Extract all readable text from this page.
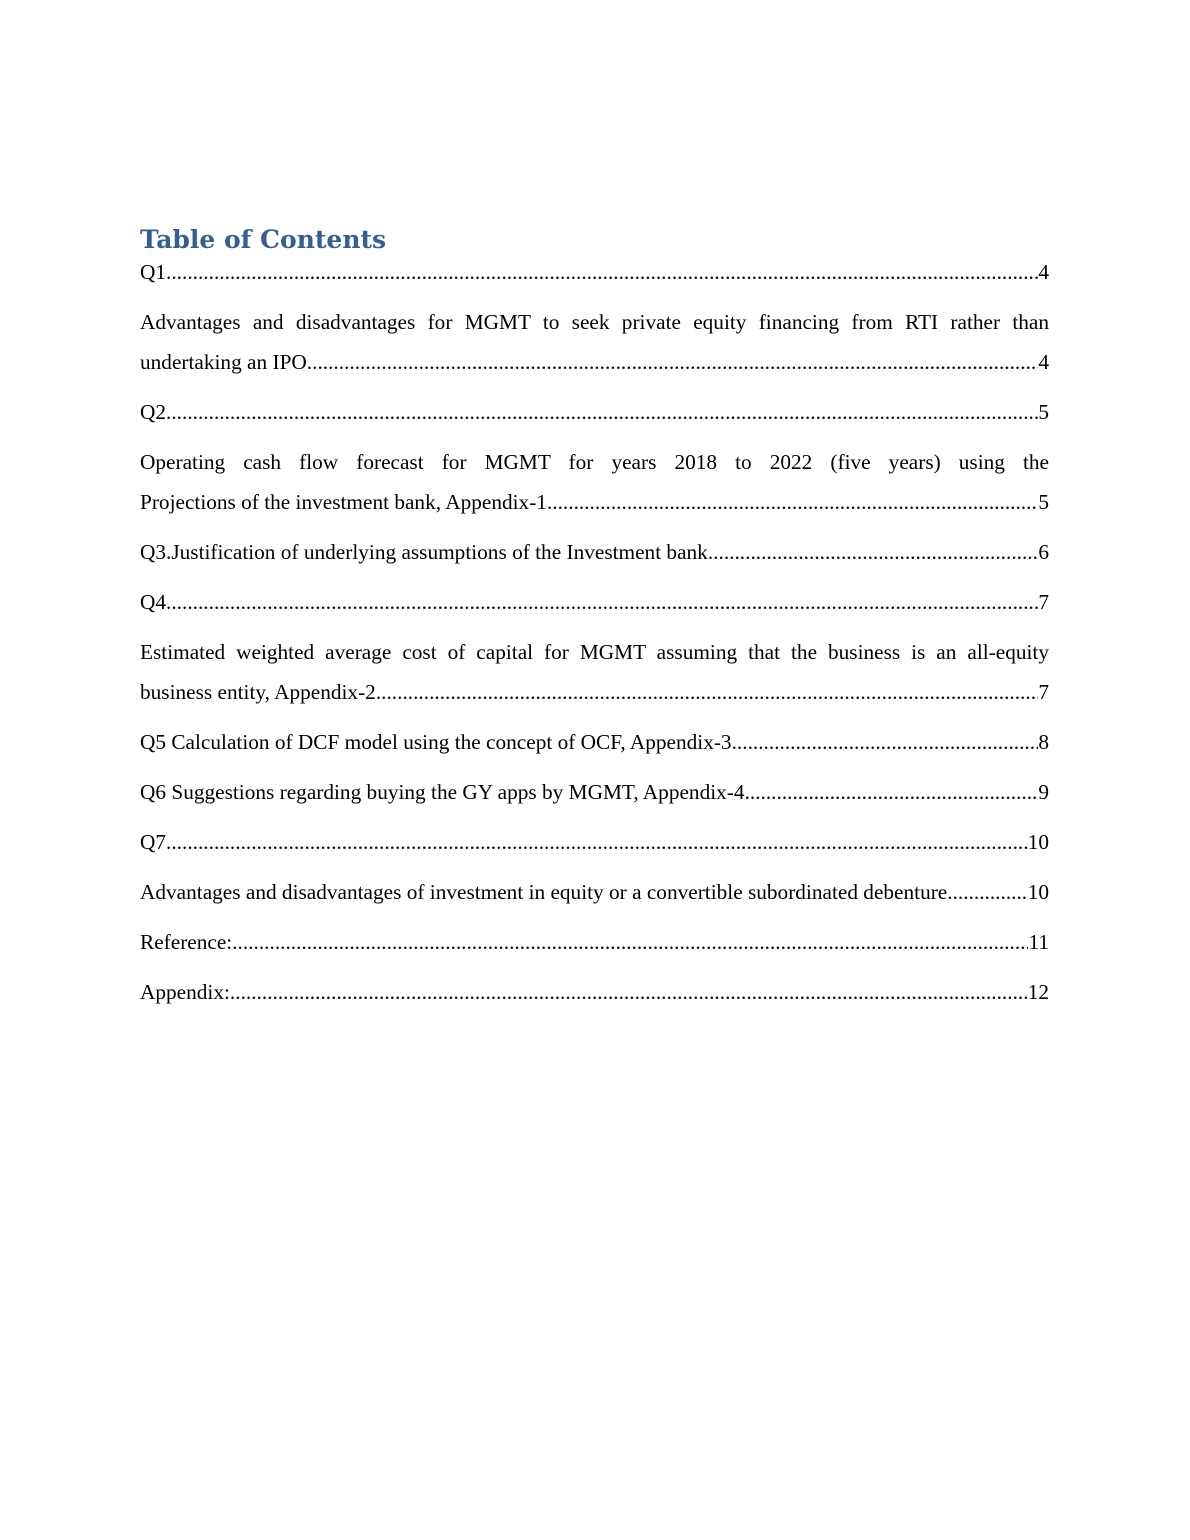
Table of Contents
Q1 .....	4
Advantages and disadvantages for MGMT to seek private equity financing from RTI rather than
undertaking an IPO .....	4
Q2 .....	5
Operating cash flow forecast for MGMT for years 2018 to 2022 (five years) using the
Projections of the investment bank, Appendix-1 .....	5
Q3.Justification of underlying assumptions of the Investment bank .....	6
Q4 .....	7
Estimated weighted average cost of capital for MGMT assuming that the business is an all-equity
business entity, Appendix-2 .....	7
Q5 Calculation of DCF model using the concept of OCF, Appendix-3 .....	8
Q6 Suggestions regarding buying the GY apps by MGMT, Appendix-4 .....	9
Q7 .....	10
Advantages and disadvantages of investment in equity or a convertible subordinated debenture .....	10
Reference: .....	11
Appendix: .....	12
